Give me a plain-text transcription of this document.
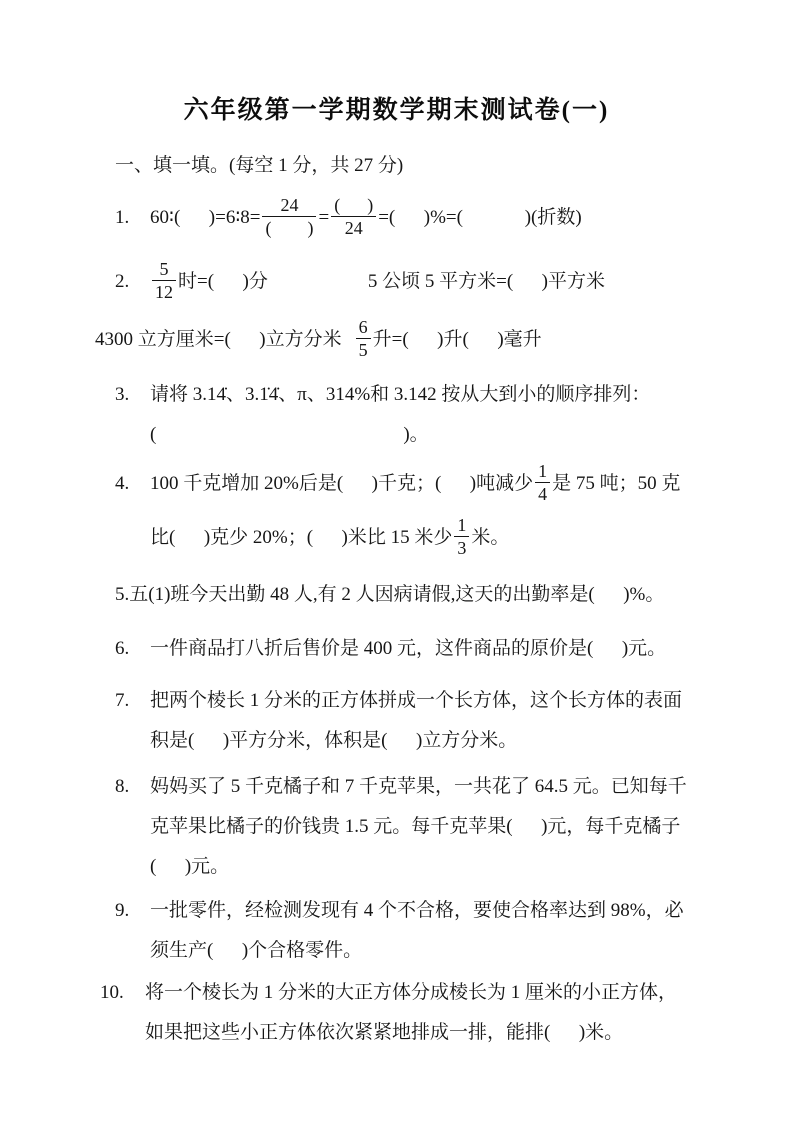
六年级第一学期数学期末测试卷(一)
一、填一填。(每空 1 分，共 27 分)
1.	60∶(      )=6∶8= $\frac{24}{( )} = \frac{( )}{24}$ =(      )%=(             )(折数)
2.	$\frac{5}{12}$ 时=(      )分	5 公顷 5 平方米=(      )平方米
4300 立方厘米=(      )立方分米 $\frac{6}{5}$ 升=(      )升(      )毫升
3.	请将 3.14̇、3.1̇4̇、π、314%和 3.142 按从大到小的顺序排列：
(                                                    )。
4.	100 千克增加 20%后是(      )千克；(      )吨减少 $\frac{1}{4}$ 是 75 吨；50 克
比(      )克少 20%；(      )米比 15 米少 $\frac{1}{3}$ 米。
5.五(1)班今天出勤 48 人,有 2 人因病请假,这天的出勤率是(      )%。
6.	一件商品打八折后售价是 400 元，这件商品的原价是(      )元。
7.	把两个棱长 1 分米的正方体拼成一个长方体，这个长方体的表面
积是(      )平方分米，体积是(      )立方分米。
8.	妈妈买了 5 千克橘子和 7 千克苹果，一共花了 64.5 元。已知每千
克苹果比橘子的价钱贵 1.5 元。每千克苹果(      )元，每千克橘子
(      )元。
9.	一批零件，经检测发现有 4 个不合格，要使合格率达到 98%，必
须生产(      )个合格零件。
10.	将一个棱长为 1 分米的大正方体分成棱长为 1 厘米的小正方体，
如果把这些小正方体依次紧紧地排成一排，能排(      )米。
